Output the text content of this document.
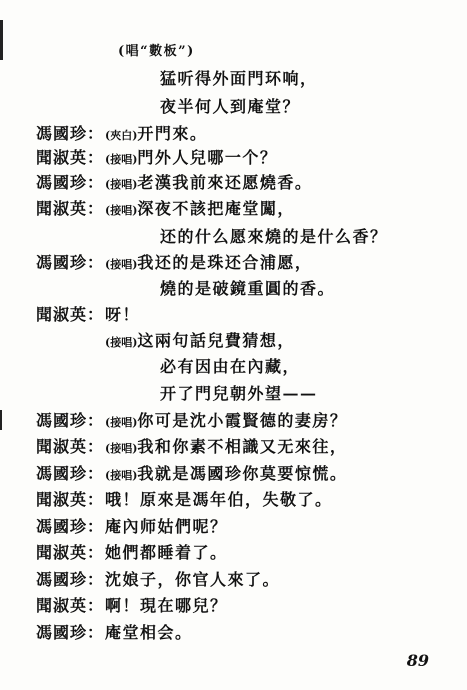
(唱“數板”)
猛听得外面門环响，
夜半何人到庵堂？
馮國珍： (夾白)开門來。
聞淑英： (接唱)門外人兒哪一个？
馮國珍： (接唱)老漢我前來还愿燒香。
聞淑英： (接唱)深夜不該把庵堂闖，
还的什么愿來燒的是什么香？
馮國珍： (接唱)我还的是珠还合浦愿，
燒的是破鏡重圓的香。
聞淑英： 呀！
(接唱)这兩句話兒費猜想，
必有因由在內藏，
开了門兒朝外望——
馮國珍： (接唱)你可是沈小霞賢德的妻房？
聞淑英： (接唱)我和你素不相識又无來往，
馮國珍： (接唱)我就是馮國珍你莫要惊慌。
聞淑英： 哦！原來是馮年伯，失敬了。
馮國珍： 庵內师姑們呢？
聞淑英： 她們都睡着了。
馮國珍： 沈娘子，你官人來了。
聞淑英： 啊！現在哪兒？
馮國珍： 庵堂相会。
89
